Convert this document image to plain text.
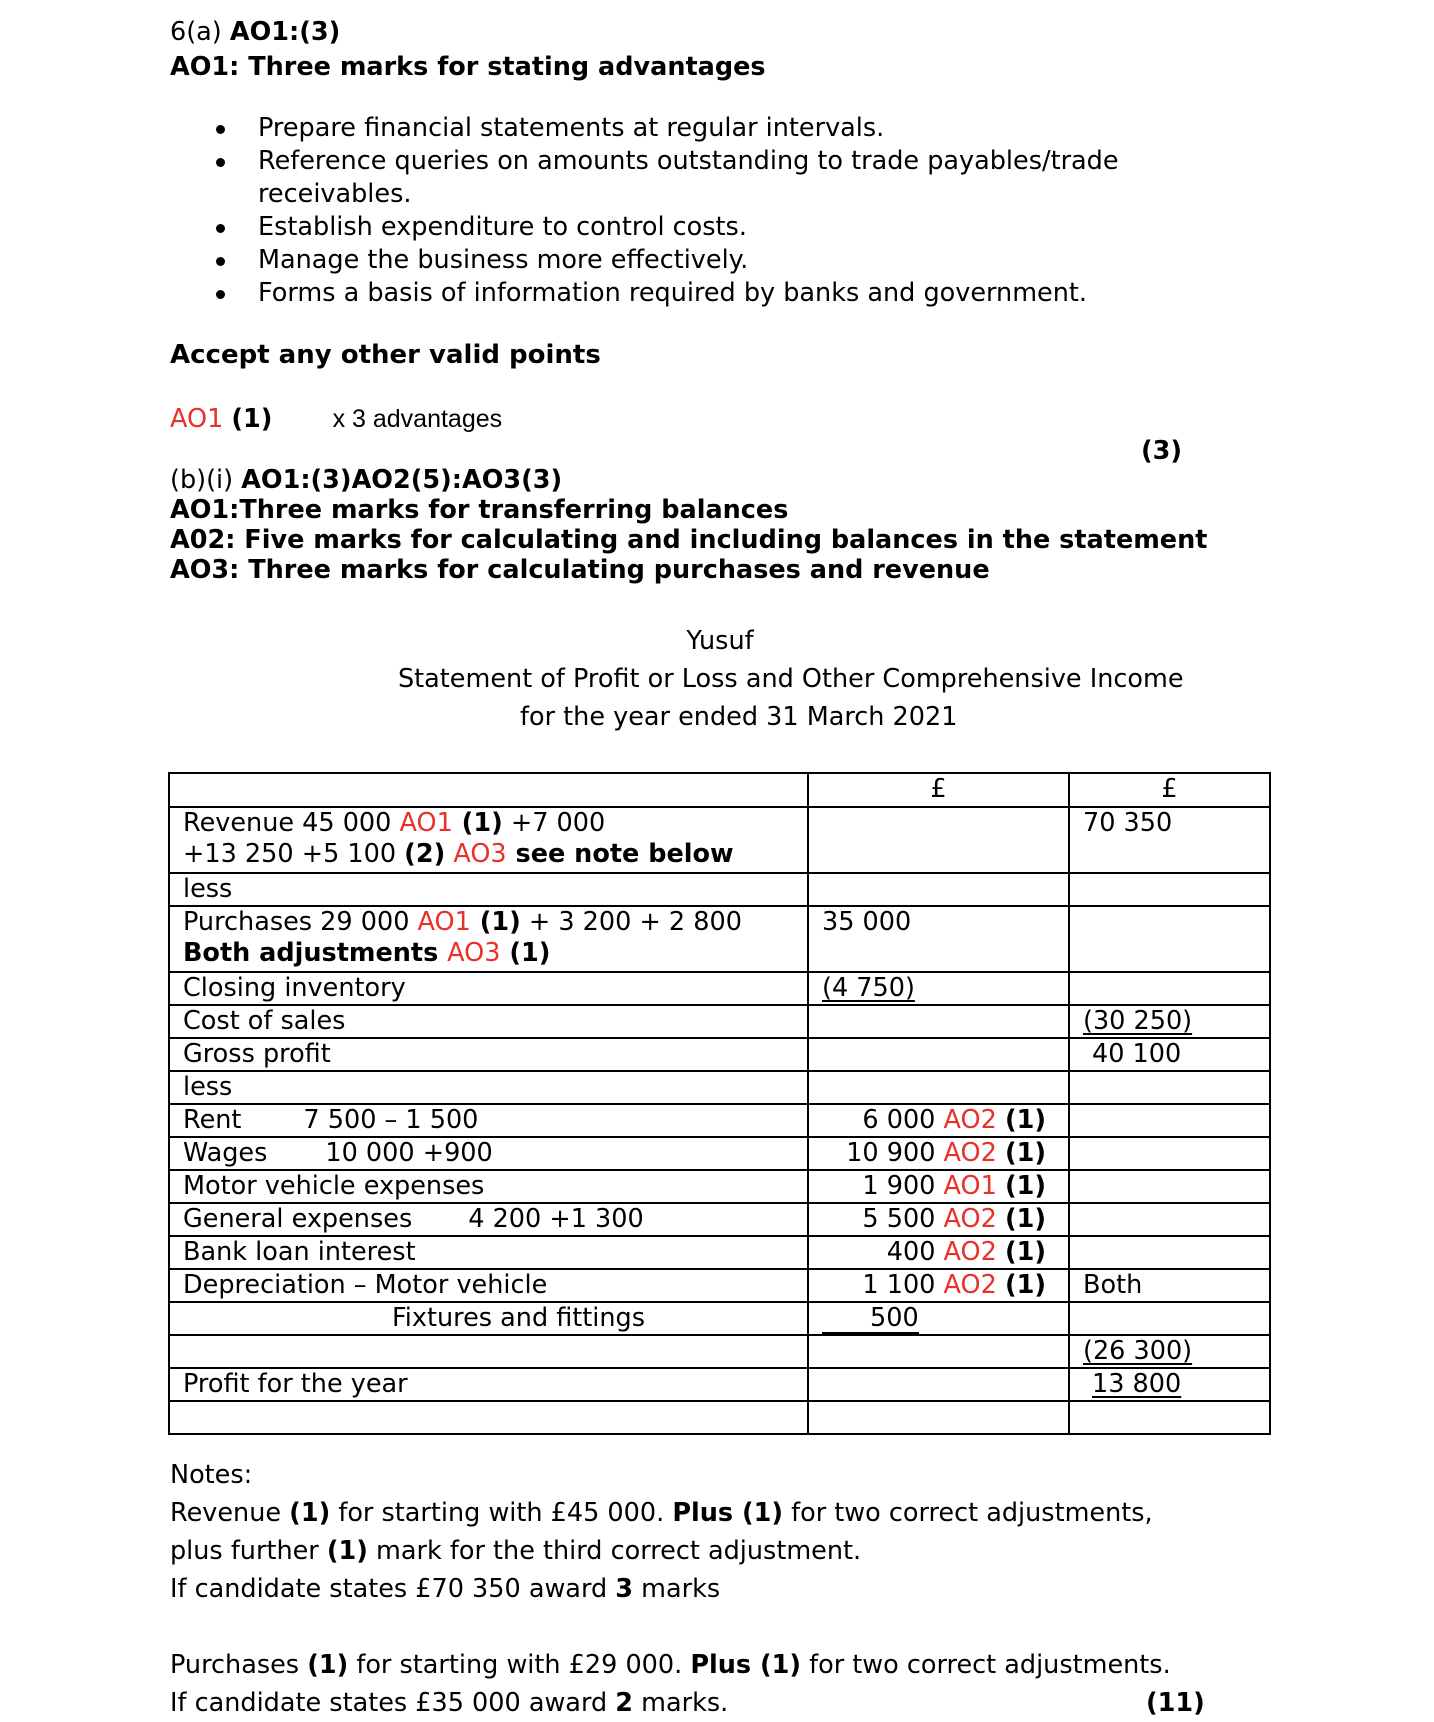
6(a) AO1:(3)
AO1: Three marks for stating advantages
Prepare financial statements at regular intervals.
Reference queries on amounts outstanding to trade payables/trade receivables.
Establish expenditure to control costs.
Manage the business more effectively.
Forms a basis of information required by banks and government.
Accept any other valid points
AO1 (1) x 3 advantages
(3)
(b)(i) AO1:(3)AO2(5):AO3(3)
AO1:Three marks for transferring balances
A02: Five marks for calculating and including balances in the statement
AO3: Three marks for calculating purchases and revenue
Yusuf
Statement of Profit or Loss and Other Comprehensive Income
for the year ended 31 March 2021
	£	£

Revenue 45 000 AO1 (1) +7 000
+13 250 +5 100 (2) AO3 see note below		70 350
less		

Purchases 29 000 AO1 (1) + 3 200 + 2 800
Both adjustments AO3 (1)	35 000	
Closing inventory	(4 750)	
Cost of sales		(30 250)
Gross profit		40 100
less		
Rent 7 500 – 1 500	6 000 AO2 (1)	
Wages 10 000 +900	10 900 AO2 (1)	
Motor vehicle expenses	1 900 AO1 (1)	
General expenses 4 200 +1 300	5 500 AO2 (1)	
Bank loan interest	400 AO2 (1)	
Depreciation – Motor vehicle	1 100 AO2 (1)	Both
Fixtures and fittings	500	
		(26 300)
Profit for the year		13 800

Notes:
Revenue (1) for starting with £45 000. Plus (1) for two correct adjustments,
plus further (1) mark for the third correct adjustment.
If candidate states £70 350 award 3 marks
Purchases (1) for starting with £29 000. Plus (1) for two correct adjustments.
If candidate states £35 000 award 2 marks.	(11)
